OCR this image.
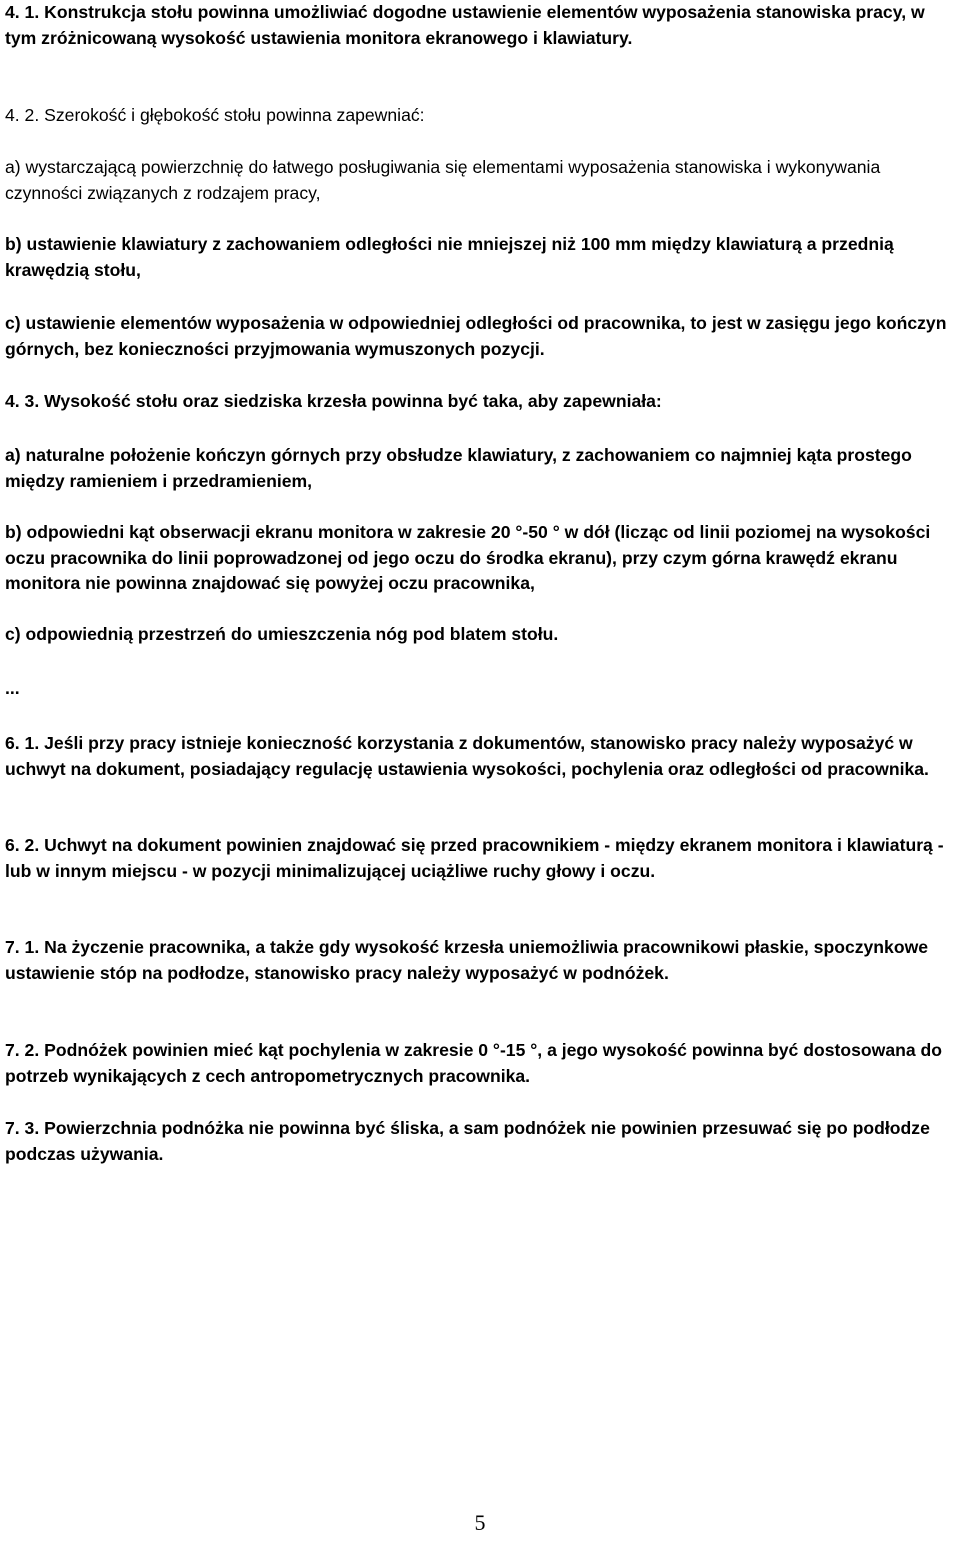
4. 1. Konstrukcja stołu powinna umożliwiać dogodne ustawienie elementów wyposażenia stanowiska pracy, w tym zróżnicowaną wysokość ustawienia monitora ekranowego i klawiatury.

4. 2. Szerokość i głębokość stołu powinna zapewniać:

a) wystarczającą powierzchnię do łatwego posługiwania się elementami wyposażenia stanowiska i wykonywania czynności związanych z rodzajem pracy,

b) ustawienie klawiatury z zachowaniem odległości nie mniejszej niż 100 mm między klawiaturą a przednią krawędzią stołu,

c) ustawienie elementów wyposażenia w odpowiedniej odległości od pracownika, to jest w zasięgu jego kończyn górnych, bez konieczności przyjmowania wymuszonych pozycji.

4. 3. Wysokość stołu oraz siedziska krzesła powinna być taka, aby zapewniała:

a) naturalne położenie kończyn górnych przy obsłudze klawiatury, z zachowaniem co najmniej kąta prostego między ramieniem i przedramieniem,

b) odpowiedni kąt obserwacji ekranu monitora w zakresie 20 °-50 ° w dół (licząc od linii poziomej na wysokości oczu pracownika do linii poprowadzonej od jego oczu do środka ekranu), przy czym górna krawędź ekranu monitora nie powinna znajdować się powyżej oczu pracownika,

c) odpowiednią przestrzeń do umieszczenia nóg pod blatem stołu.

...

6. 1. Jeśli przy pracy istnieje konieczność korzystania z dokumentów, stanowisko pracy należy wyposażyć w uchwyt na dokument, posiadający regulację ustawienia wysokości, pochylenia oraz odległości od pracownika.

6. 2. Uchwyt na dokument powinien znajdować się przed pracownikiem - między ekranem monitora i klawiaturą - lub w innym miejscu - w pozycji minimalizującej uciążliwe ruchy głowy i oczu.

7. 1. Na życzenie pracownika, a także gdy wysokość krzesła uniemożliwia pracownikowi płaskie, spoczynkowe ustawienie stóp na podłodze, stanowisko pracy należy wyposażyć w podnóżek.

7. 2. Podnóżek powinien mieć kąt pochylenia w zakresie 0 °-15 °, a jego wysokość powinna być dostosowana do potrzeb wynikających z cech antropometrycznych pracownika.

7. 3. Powierzchnia podnóżka nie powinna być śliska, a sam podnóżek nie powinien przesuwać się po podłodze podczas używania.

5
